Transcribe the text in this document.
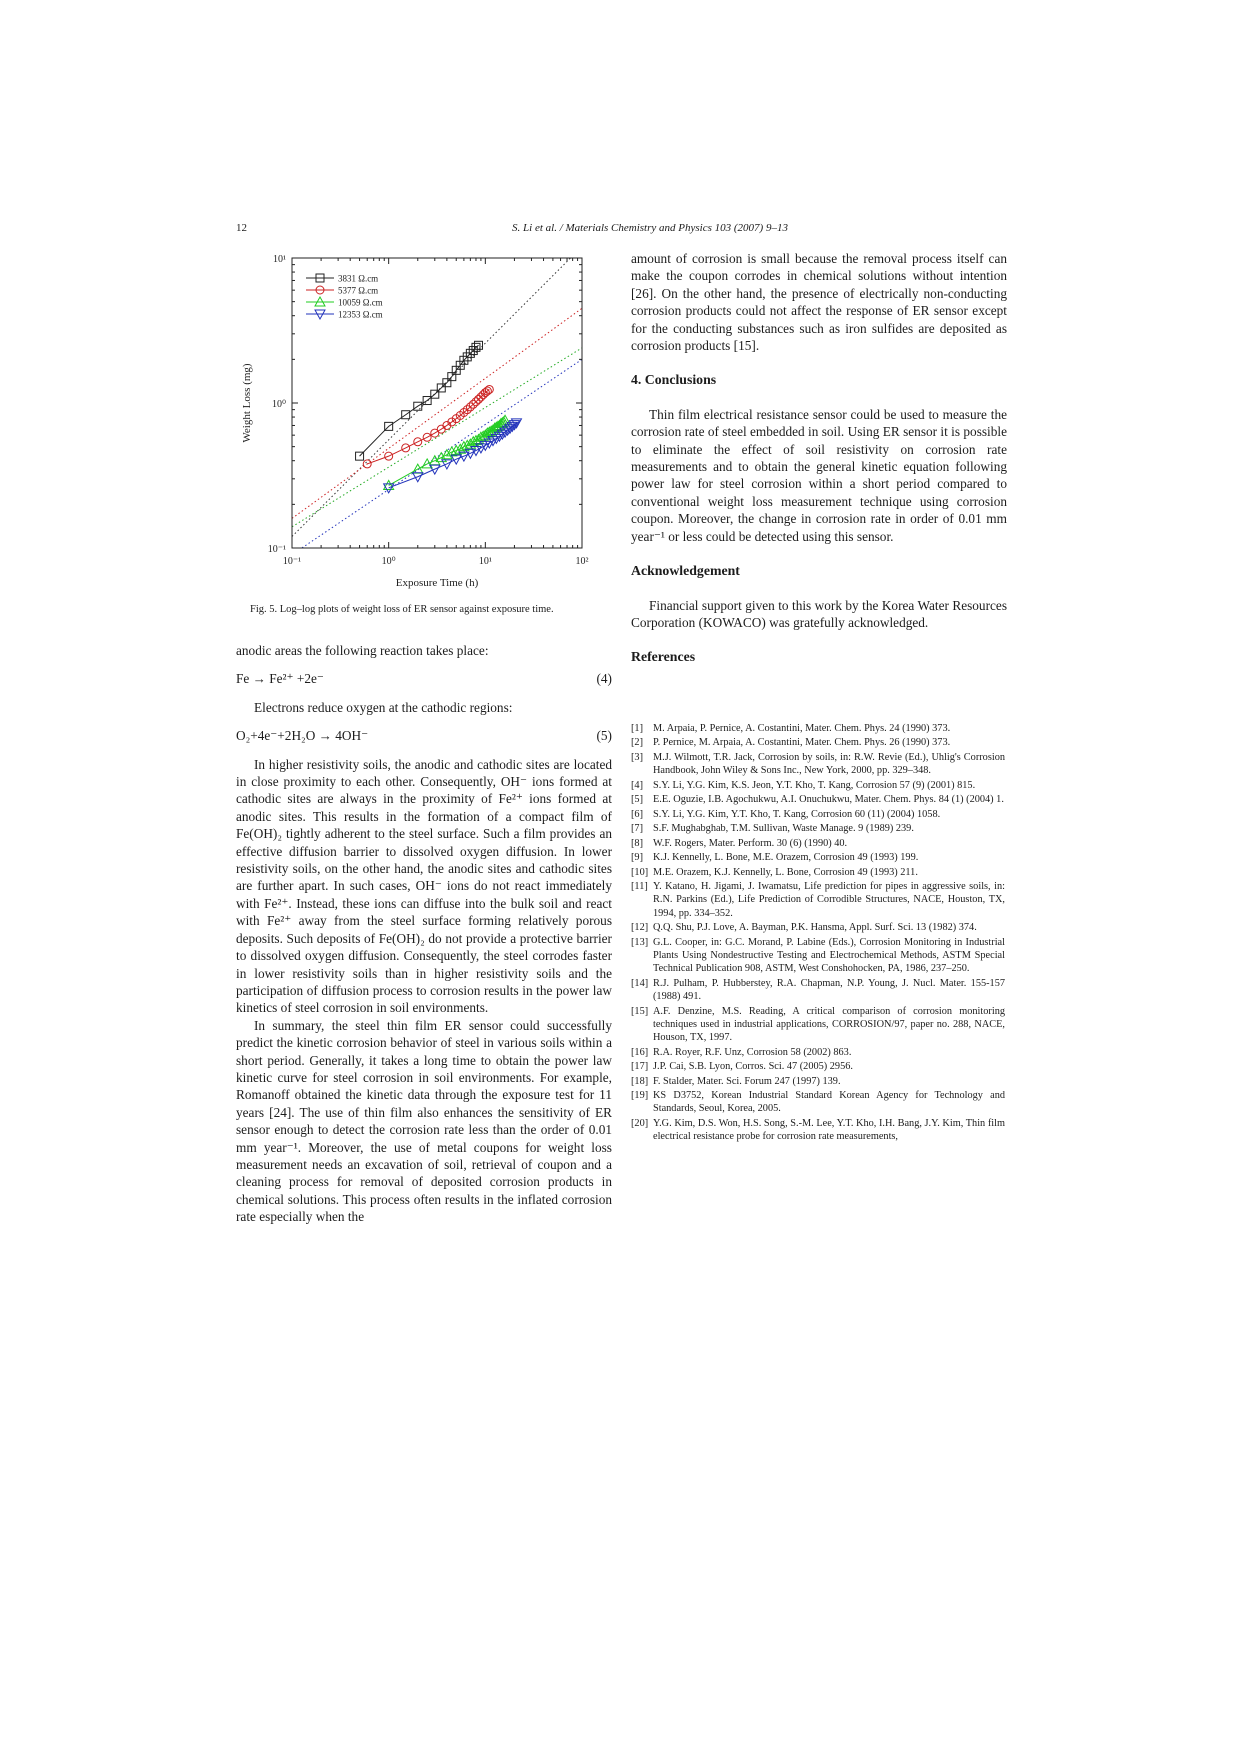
12	S. Li et al. / Materials Chemistry and Physics 103 (2007) 9–13
10⁻¹	10⁰	10¹	10²
10⁻¹
10⁰
10¹
Exposure Time (h)
Weight Loss (mg)
3831 Ω.cm
5377 Ω.cm
10059 Ω.cm
12353 Ω.cm
Fig. 5. Log–log plots of weight loss of ER sensor against exposure time.

anodic areas the following reaction takes place:

Fe → Fe²⁺ +2e⁻	(4)

Electrons reduce oxygen at the cathodic regions:

O₂+4e⁻+2H₂O → 4OH⁻	(5)

In higher resistivity soils, the anodic and cathodic sites are located in close proximity to each other. Consequently, OH⁻ ions formed at cathodic sites are always in the proximity of Fe²⁺ ions formed at anodic sites. This results in the formation of a compact film of Fe(OH)₂ tightly adherent to the steel surface. Such a film provides an effective diffusion barrier to dissolved oxygen diffusion. In lower resistivity soils, on the other hand, the anodic sites and cathodic sites are further apart. In such cases, OH⁻ ions do not react immediately with Fe²⁺. Instead, these ions can diffuse into the bulk soil and react with Fe²⁺ away from the steel surface forming relatively porous deposits. Such deposits of Fe(OH)₂ do not provide a protective barrier to dissolved oxygen diffusion. Consequently, the steel corrodes faster in lower resistivity soils than in higher resistivity soils and the participation of diffusion process to corrosion results in the power law kinetics of steel corrosion in soil environments.

In summary, the steel thin film ER sensor could successfully predict the kinetic corrosion behavior of steel in various soils within a short period. Generally, it takes a long time to obtain the power law kinetic curve for steel corrosion in soil environments. For example, Romanoff obtained the kinetic data through the exposure test for 11 years [24]. The use of thin film also enhances the sensitivity of ER sensor enough to detect the corrosion rate less than the order of 0.01 mm year⁻¹. Moreover, the use of metal coupons for weight loss measurement needs an excavation of soil, retrieval of coupon and a cleaning process for removal of deposited corrosion products in chemical solutions. This process often results in the inflated corrosion rate especially when the

amount of corrosion is small because the removal process itself can make the coupon corrodes in chemical solutions without intention [26]. On the other hand, the presence of electrically non-conducting corrosion products could not affect the response of ER sensor except for the conducting substances such as iron sulfides are deposited as corrosion products [15].

4. Conclusions

Thin film electrical resistance sensor could be used to measure the corrosion rate of steel embedded in soil. Using ER sensor it is possible to eliminate the effect of soil resistivity on corrosion rate measurements and to obtain the general kinetic equation following power law for steel corrosion within a short period compared to conventional weight loss measurement technique using corrosion coupon. Moreover, the change in corrosion rate in order of 0.01 mm year⁻¹ or less could be detected using this sensor.

Acknowledgement

Financial support given to this work by the Korea Water Resources Corporation (KOWACO) was gratefully acknowledged.

References

[1] M. Arpaia, P. Pernice, A. Costantini, Mater. Chem. Phys. 24 (1990) 373.
[2] P. Pernice, M. Arpaia, A. Costantini, Mater. Chem. Phys. 26 (1990) 373.
[3] M.J. Wilmott, T.R. Jack, Corrosion by soils, in: R.W. Revie (Ed.), Uhlig's Corrosion Handbook, John Wiley & Sons Inc., New York, 2000, pp. 329–348.
[4] S.Y. Li, Y.G. Kim, K.S. Jeon, Y.T. Kho, T. Kang, Corrosion 57 (9) (2001) 815.
[5] E.E. Oguzie, I.B. Agochukwu, A.I. Onuchukwu, Mater. Chem. Phys. 84 (1) (2004) 1.
[6] S.Y. Li, Y.G. Kim, Y.T. Kho, T. Kang, Corrosion 60 (11) (2004) 1058.
[7] S.F. Mughabghab, T.M. Sullivan, Waste Manage. 9 (1989) 239.
[8] W.F. Rogers, Mater. Perform. 30 (6) (1990) 40.
[9] K.J. Kennelly, L. Bone, M.E. Orazem, Corrosion 49 (1993) 199.
[10] M.E. Orazem, K.J. Kennelly, L. Bone, Corrosion 49 (1993) 211.
[11] Y. Katano, H. Jigami, J. Iwamatsu, Life prediction for pipes in aggressive soils, in: R.N. Parkins (Ed.), Life Prediction of Corrodible Structures, NACE, Houston, TX, 1994, pp. 334–352.
[12] Q.Q. Shu, P.J. Love, A. Bayman, P.K. Hansma, Appl. Surf. Sci. 13 (1982) 374.
[13] G.L. Cooper, in: G.C. Morand, P. Labine (Eds.), Corrosion Monitoring in Industrial Plants Using Nondestructive Testing and Electrochemical Methods, ASTM Special Technical Publication 908, ASTM, West Conshohocken, PA, 1986, 237–250.
[14] R.J. Pulham, P. Hubberstey, R.A. Chapman, N.P. Young, J. Nucl. Mater. 155-157 (1988) 491.
[15] A.F. Denzine, M.S. Reading, A critical comparison of corrosion monitoring techniques used in industrial applications, CORROSION/97, paper no. 288, NACE, Houson, TX, 1997.
[16] R.A. Royer, R.F. Unz, Corrosion 58 (2002) 863.
[17] J.P. Cai, S.B. Lyon, Corros. Sci. 47 (2005) 2956.
[18] F. Stalder, Mater. Sci. Forum 247 (1997) 139.
[19] KS D3752, Korean Industrial Standard Korean Agency for Technology and Standards, Seoul, Korea, 2005.
[20] Y.G. Kim, D.S. Won, H.S. Song, S.-M. Lee, Y.T. Kho, I.H. Bang, J.Y. Kim, Thin film electrical resistance probe for corrosion rate measurements,
